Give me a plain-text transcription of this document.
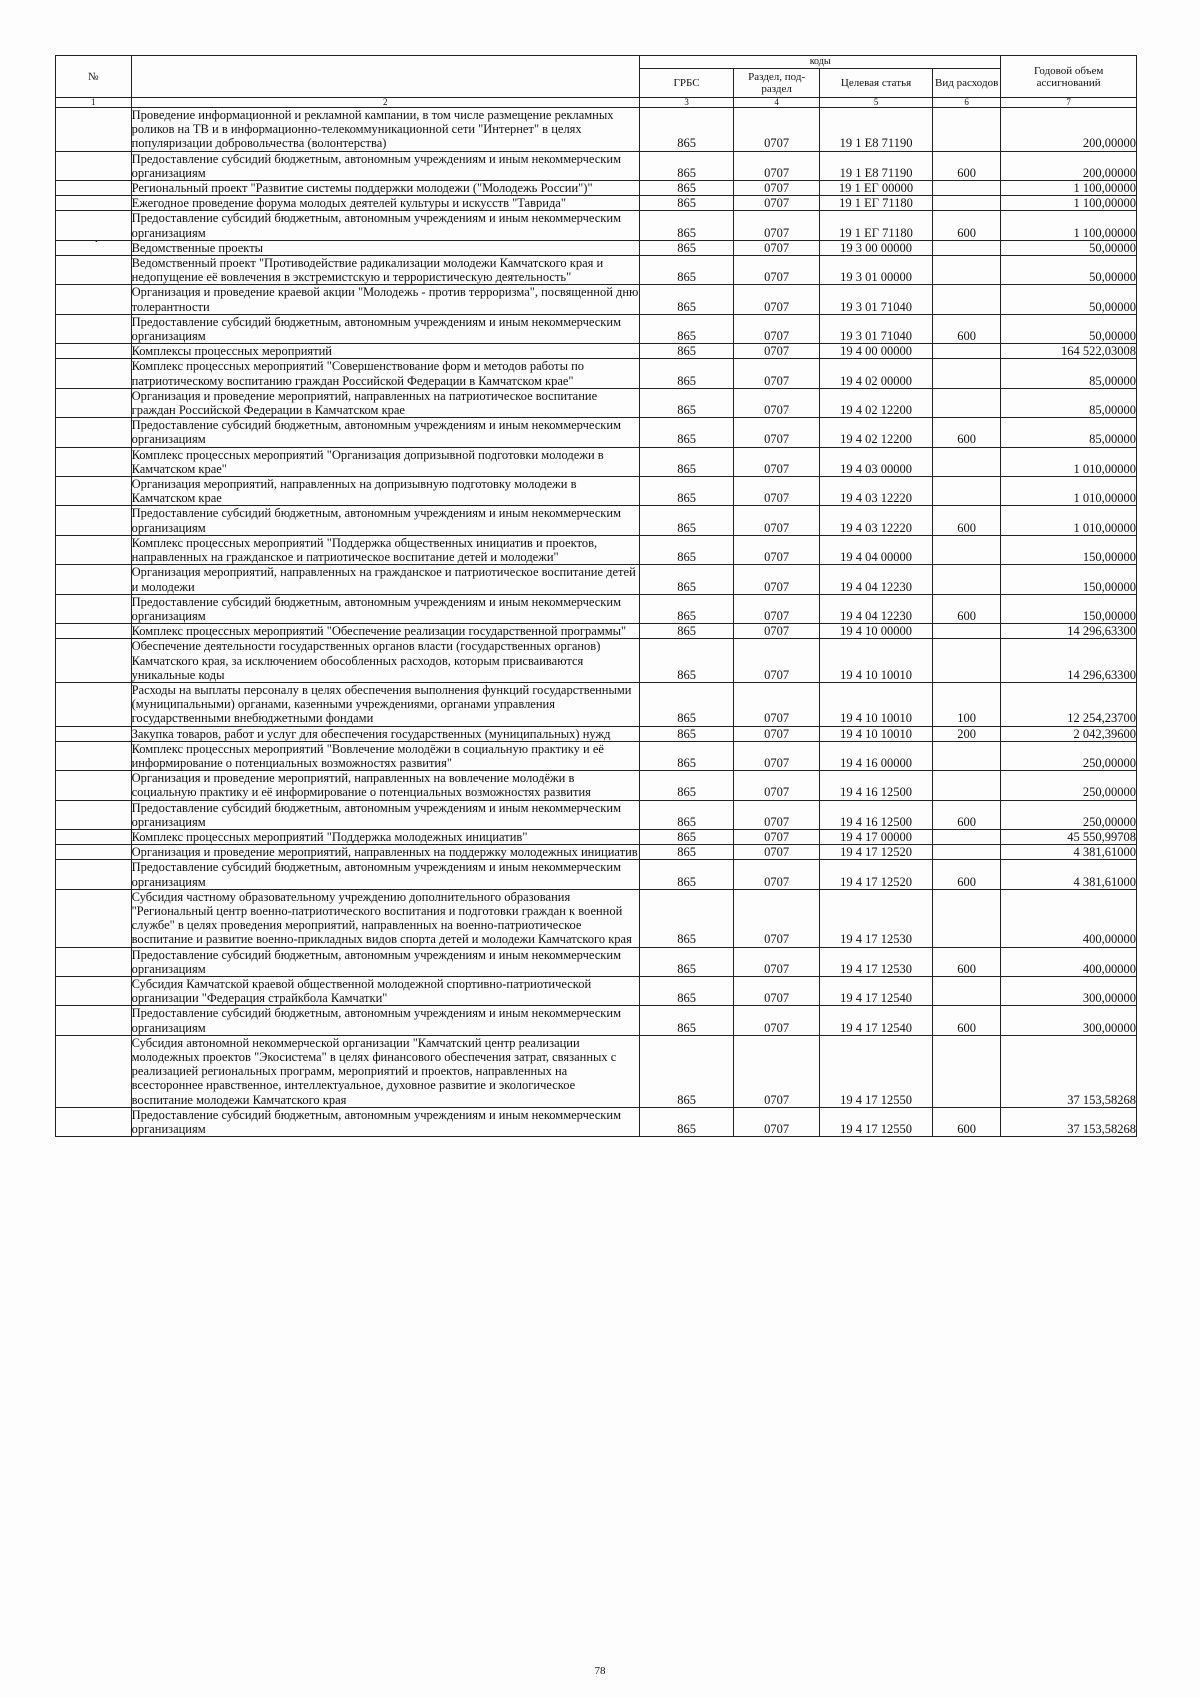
·
№		коды				Годовой объем ассигнований
		ГРБС	Раздел, под-раздел	Целевая статья	Вид расходов	
1	2	3	4	5	6	7
	Проведение информационной и рекламной кампании, в том числе размещение рекламных роликов на ТВ и в информационно-телекоммуникационной сети "Интернет" в целях популяризации добровольчества (волонтерства)	865	0707	19 1 E8 71190		200,00000
	Предоставление субсидий бюджетным, автономным учреждениям и иным некоммерческим организациям	865	0707	19 1 E8 71190	600	200,00000
	Региональный проект "Развитие системы поддержки молодежи ("Молодежь России")"	865	0707	19 1 ЕГ 00000		1 100,00000
	Ежегодное проведение форума молодых деятелей культуры и искусств "Таврида"	865	0707	19 1 ЕГ 71180		1 100,00000
	Предоставление субсидий бюджетным, автономным учреждениям и иным некоммерческим организациям	865	0707	19 1 ЕГ 71180	600	1 100,00000
	Ведомственные проекты	865	0707	19 3 00 00000		50,00000
	Ведомственный проект "Противодействие радикализации молодежи Камчатского края и недопущение её вовлечения в экстремистскую и террористическую деятельность"	865	0707	19 3 01 00000		50,00000
	Организация и проведение краевой акции "Молодежь - против терроризма", посвященной дню толерантности	865	0707	19 3 01 71040		50,00000
	Предоставление субсидий бюджетным, автономным учреждениям и иным некоммерческим организациям	865	0707	19 3 01 71040	600	50,00000
	Комплексы процессных мероприятий	865	0707	19 4 00 00000		164 522,03008
	Комплекс процессных мероприятий "Совершенствование форм и методов работы по патриотическому воспитанию граждан Российской Федерации в Камчатском крае"	865	0707	19 4 02 00000		85,00000
	Организация и проведение мероприятий, направленных на патриотическое воспитание граждан Российской Федерации в Камчатском крае	865	0707	19 4 02 12200		85,00000
	Предоставление субсидий бюджетным, автономным учреждениям и иным некоммерческим организациям	865	0707	19 4 02 12200	600	85,00000
	Комплекс процессных мероприятий "Организация допризывной подготовки молодежи в Камчатском крае"	865	0707	19 4 03 00000		1 010,00000
	Организация мероприятий, направленных на допризывную подготовку молодежи в Камчатском крае	865	0707	19 4 03 12220		1 010,00000
	Предоставление субсидий бюджетным, автономным учреждениям и иным некоммерческим организациям	865	0707	19 4 03 12220	600	1 010,00000
	Комплекс процессных мероприятий "Поддержка общественных инициатив и проектов, направленных на гражданское и патриотическое воспитание детей и молодежи"	865	0707	19 4 04 00000		150,00000
	Организация мероприятий, направленных на гражданское и патриотическое воспитание детей и молодежи	865	0707	19 4 04 12230		150,00000
	Предоставление субсидий бюджетным, автономным учреждениям и иным некоммерческим организациям	865	0707	19 4 04 12230	600	150,00000
	Комплекс процессных мероприятий "Обеспечение реализации государственной программы"	865	0707	19 4 10 00000		14 296,63300
	Обеспечение деятельности государственных органов власти (государственных органов) Камчатского края, за исключением обособленных расходов, которым присваиваются уникальные коды	865	0707	19 4 10 10010		14 296,63300
	Расходы на выплаты персоналу в целях обеспечения выполнения функций государственными (муниципальными) органами, казенными учреждениями, органами управления государственными внебюджетными фондами	865	0707	19 4 10 10010	100	12 254,23700
	Закупка товаров, работ и услуг для обеспечения государственных (муниципальных) нужд	865	0707	19 4 10 10010	200	2 042,39600
	Комплекс процессных мероприятий "Вовлечение молодёжи в социальную практику и её информирование о потенциальных возможностях развития"	865	0707	19 4 16 00000		250,00000
	Организация и проведение мероприятий, направленных на вовлечение молодёжи в социальную практику и её информирование о потенциальных возможностях развития	865	0707	19 4 16 12500		250,00000
	Предоставление субсидий бюджетным, автономным учреждениям и иным некоммерческим организациям	865	0707	19 4 16 12500	600	250,00000
	Комплекс процессных мероприятий "Поддержка молодежных инициатив"	865	0707	19 4 17 00000		45 550,99708
	Организация и проведение мероприятий, направленных на поддержку молодежных инициатив	865	0707	19 4 17 12520		4 381,61000
	Предоставление субсидий бюджетным, автономным учреждениям и иным некоммерческим организациям	865	0707	19 4 17 12520	600	4 381,61000
	Субсидия частному образовательному учреждению дополнительного образования "Региональный центр военно-патриотического воспитания и подготовки граждан к военной службе" в целях проведения мероприятий, направленных на военно-патриотическое воспитание и развитие военно-прикладных видов спорта детей и молодежи Камчатского края	865	0707	19 4 17 12530		400,00000
	Предоставление субсидий бюджетным, автономным учреждениям и иным некоммерческим организациям	865	0707	19 4 17 12530	600	400,00000
	Субсидия Камчатской краевой общественной молодежной спортивно-патриотической организации "Федерация страйкбола Камчатки"	865	0707	19 4 17 12540		300,00000
	Предоставление субсидий бюджетным, автономным учреждениям и иным некоммерческим организациям	865	0707	19 4 17 12540	600	300,00000
	Субсидия автономной некоммерческой организации "Камчатский центр реализации молодежных проектов "Экосистема" в целях финансового обеспечения затрат, связанных с реализацией региональных программ, мероприятий и проектов, направленных на всестороннее нравственное, интеллектуальное, духовное развитие и экологическое воспитание молодежи Камчатского края	865	0707	19 4 17 12550		37 153,58268
	Предоставление субсидий бюджетным, автономным учреждениям и иным некоммерческим организациям	865	0707	19 4 17 12550	600	37 153,58268
78
